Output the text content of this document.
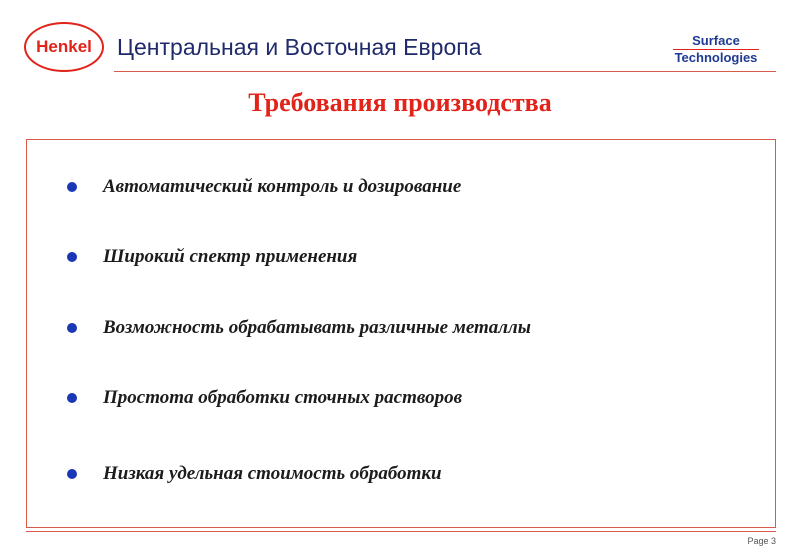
Henkel Центральная и Восточная Европа	Surface
Technologies
Требования производства
Автоматический контроль и дозирование
Широкий спектр применения
Возможность обрабатывать различные металлы
Простота обработки сточных растворов
Низкая удельная стоимость обработки
Page 3
